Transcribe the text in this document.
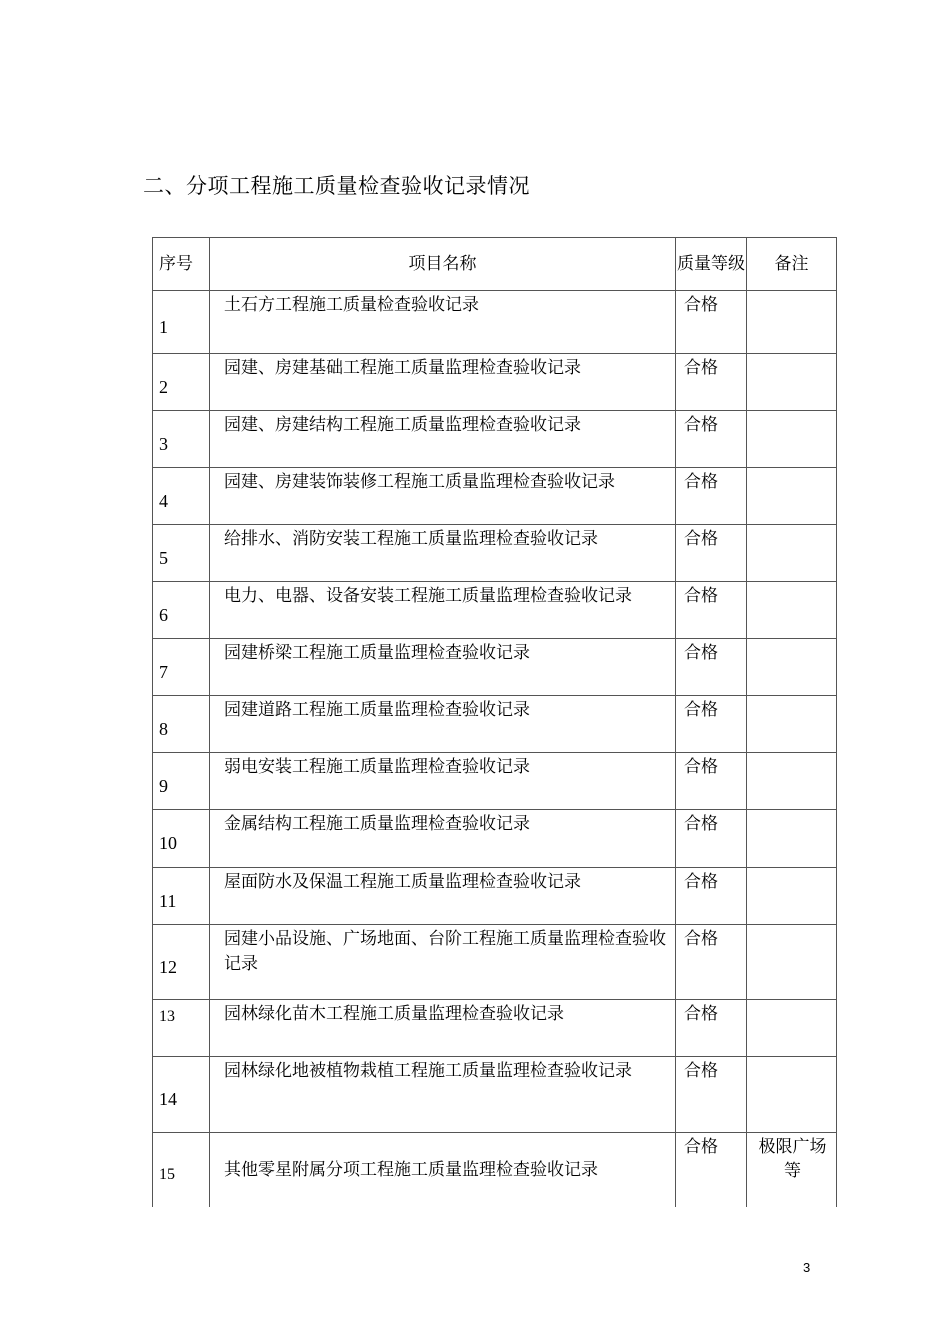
二、分项工程施工质量检查验收记录情况
序号	项目名称	质量等级	备注
1	土石方工程施工质量检查验收记录	合格	
2	园建、房建基础工程施工质量监理检查验收记录	合格	
3	园建、房建结构工程施工质量监理检查验收记录	合格	
4	园建、房建装饰装修工程施工质量监理检查验收记录	合格	
5	给排水、消防安装工程施工质量监理检查验收记录	合格	
6	电力、电器、设备安装工程施工质量监理检查验收记录	合格	
7	园建桥梁工程施工质量监理检查验收记录	合格	
8	园建道路工程施工质量监理检查验收记录	合格	
9	弱电安装工程施工质量监理检查验收记录	合格	
10	金属结构工程施工质量监理检查验收记录	合格	
11	屋面防水及保温工程施工质量监理检查验收记录	合格	
12	园建小品设施、广场地面、台阶工程施工质量监理检查验收记录	合格	
13	园林绿化苗木工程施工质量监理检查验收记录	合格	
14	园林绿化地被植物栽植工程施工质量监理检查验收记录	合格	
15	其他零星附属分项工程施工质量监理检查验收记录	合格	极限广场等
3
